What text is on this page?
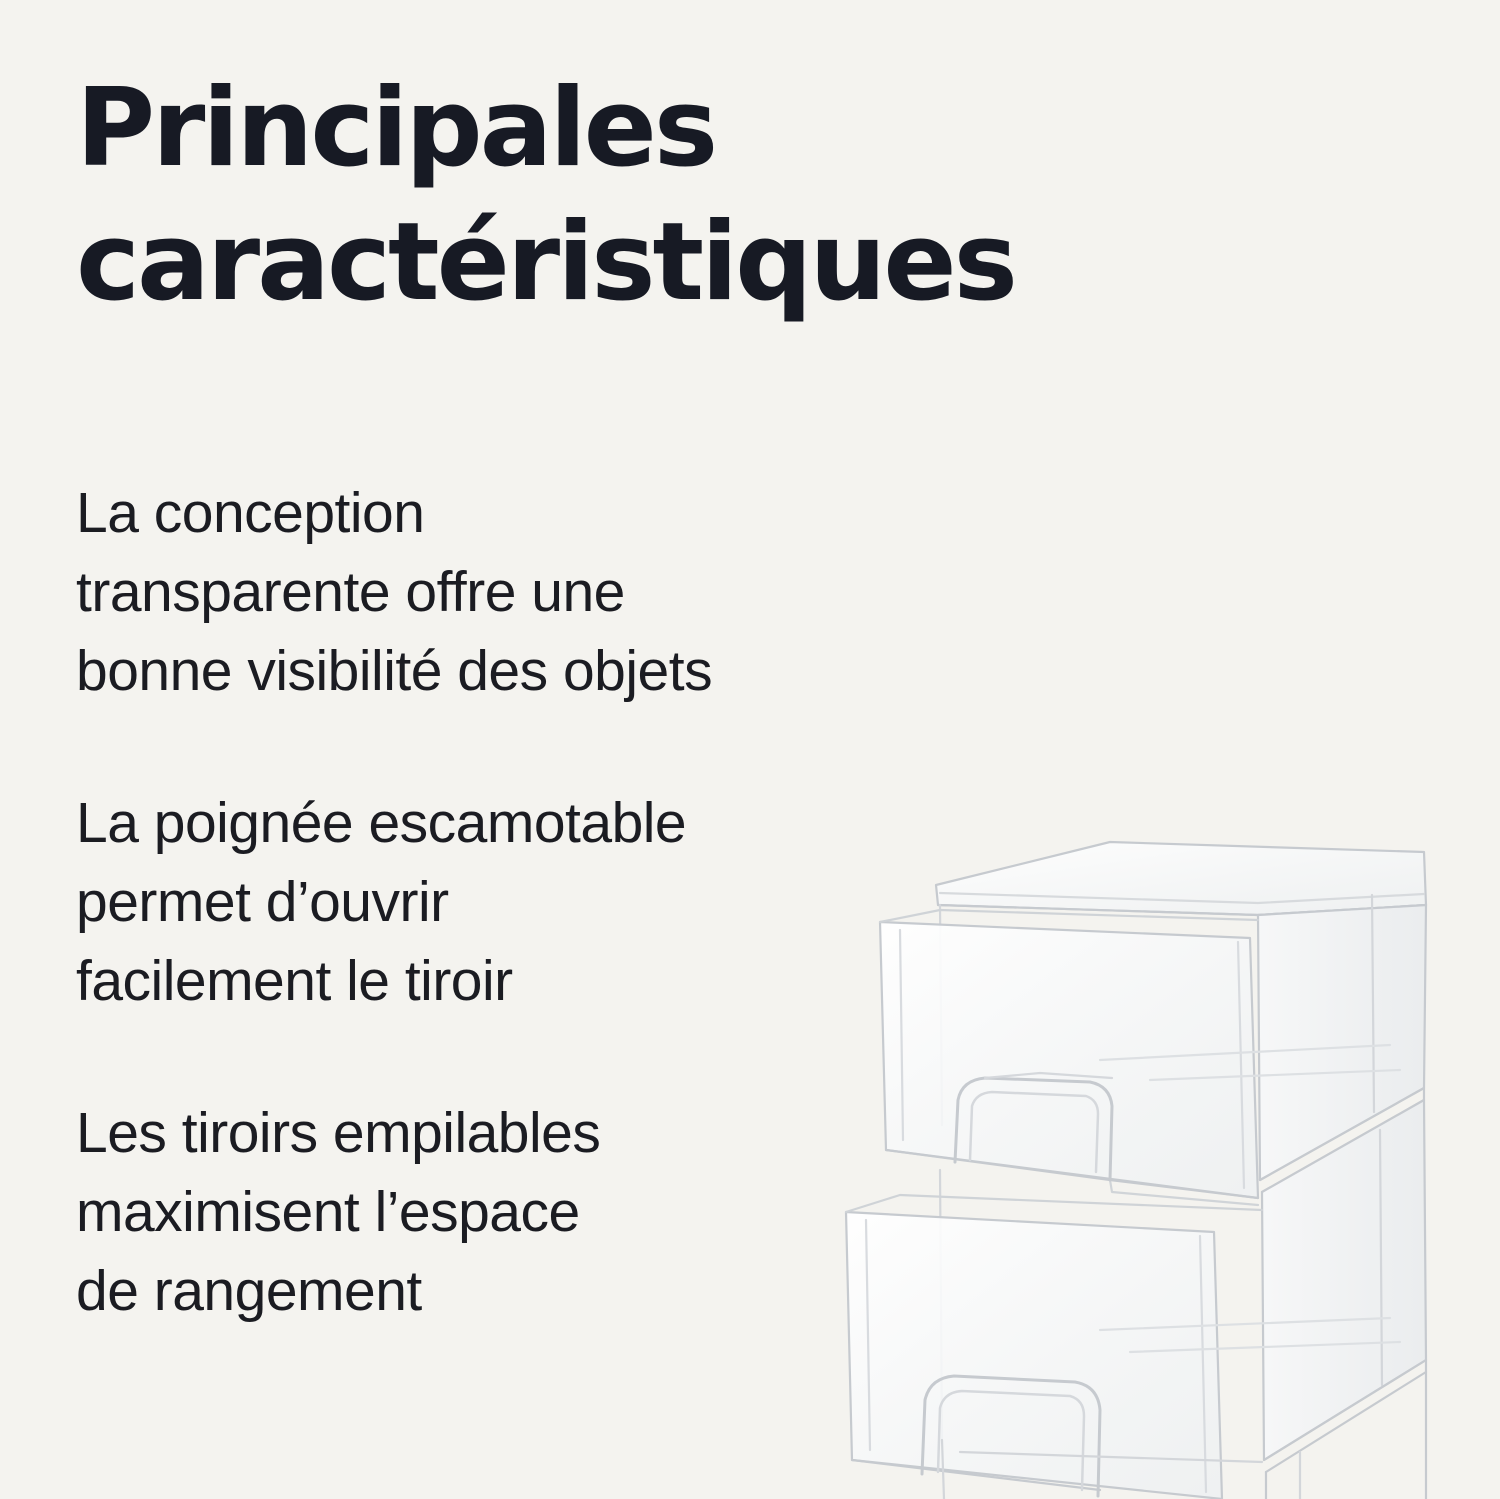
Principales
caractéristiques
La conception
transparente offre une
bonne visibilité des objets
La poignée escamotable
permet d’ouvrir
facilement le tiroir
Les tiroirs empilables
maximisent l’espace
de rangement
